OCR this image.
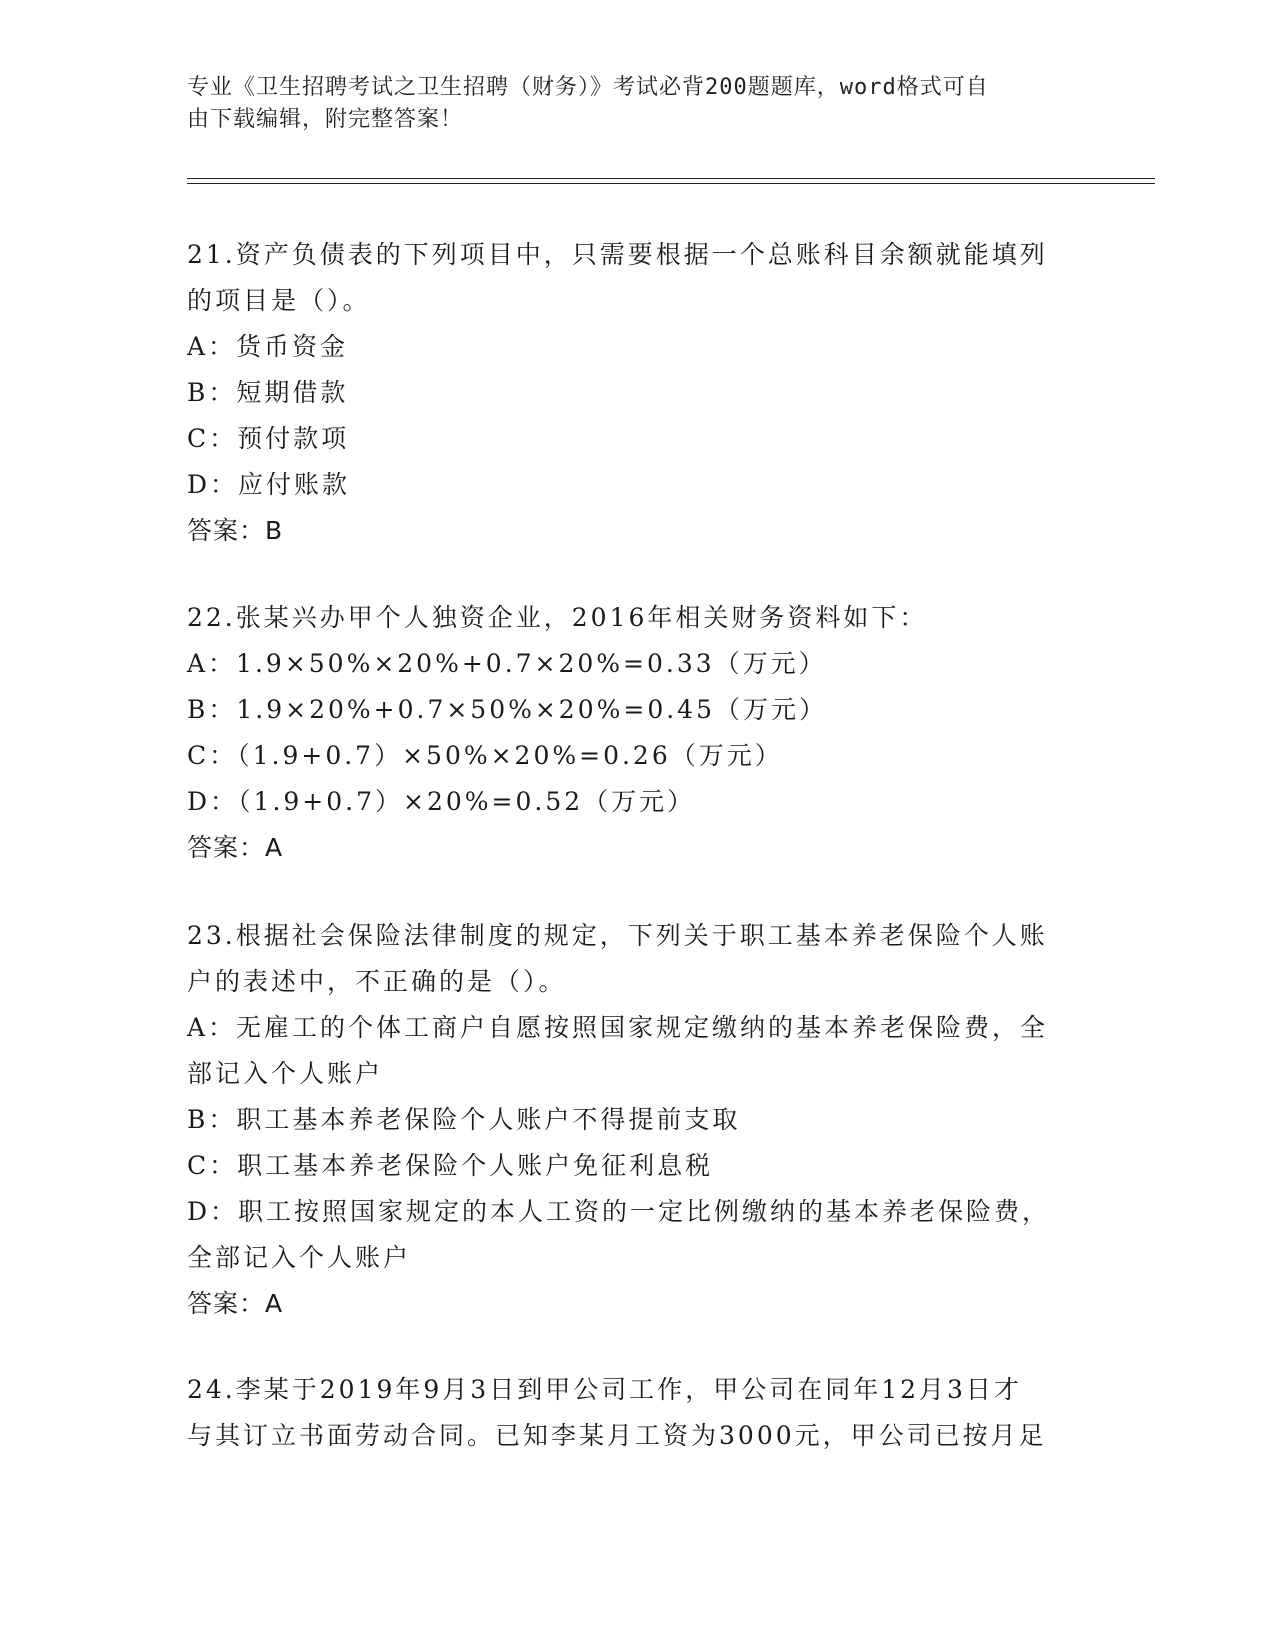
专业《卫生招聘考试之卫生招聘（财务）》考试必背200题题库，word格式可自
由下载编辑，附完整答案！
21.资产负债表的下列项目中，只需要根据一个总账科目余额就能填列
的项目是（）。
A：货币资金
B：短期借款
C：预付款项
D：应付账款
答案：B
22.张某兴办甲个人独资企业，2016年相关财务资料如下：
A：1.9×50%×20%+0.7×20%=0.33（万元）
B：1.9×20%+0.7×50%×20%=0.45（万元）
C：（1.9+0.7）×50%×20%=0.26（万元）
D：（1.9+0.7）×20%=0.52（万元）
答案：A
23.根据社会保险法律制度的规定，下列关于职工基本养老保险个人账
户的表述中，不正确的是（）。
A：无雇工的个体工商户自愿按照国家规定缴纳的基本养老保险费，全
部记入个人账户
B：职工基本养老保险个人账户不得提前支取
C：职工基本养老保险个人账户免征利息税
D：职工按照国家规定的本人工资的一定比例缴纳的基本养老保险费，
全部记入个人账户
答案：A
24.李某于2019年9月3日到甲公司工作，甲公司在同年12月3日才
与其订立书面劳动合同。已知李某月工资为3000元，甲公司已按月足
